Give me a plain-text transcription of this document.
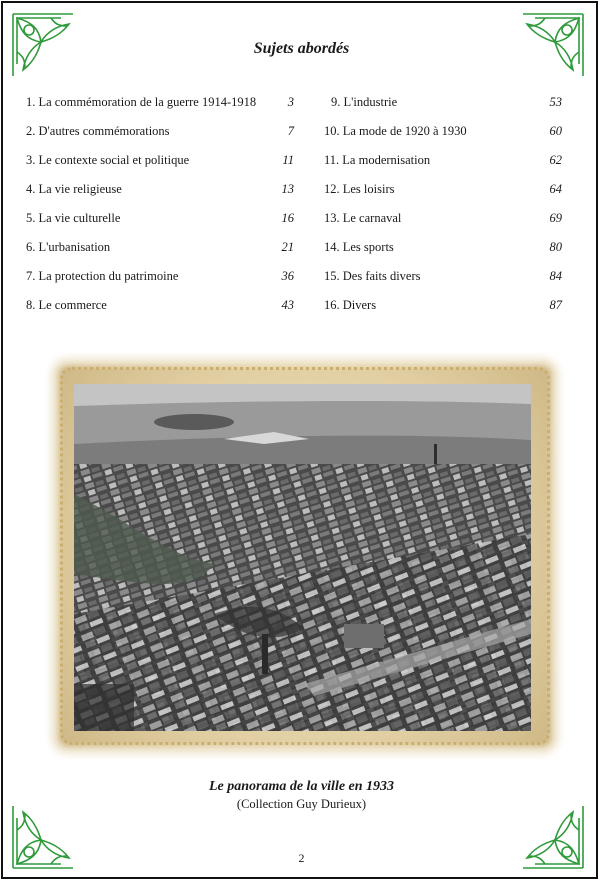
Sujets abordés
1. La commémoration de la guerre 1914-1918	3
2. D'autres commémorations	7
3. Le contexte social et politique	11
4. La vie religieuse	13
5. La vie culturelle	16
6. L'urbanisation	21
7. La protection du patrimoine	36
8. Le commerce	43
9. L'industrie	53
10. La mode de 1920 à 1930	60
11. La modernisation	62
12. Les loisirs	64
13. Le carnaval	69
14. Les sports	80
15. Des faits divers	84
16. Divers	87
Le panorama de la ville en 1933
(Collection Guy Durieux)
2
